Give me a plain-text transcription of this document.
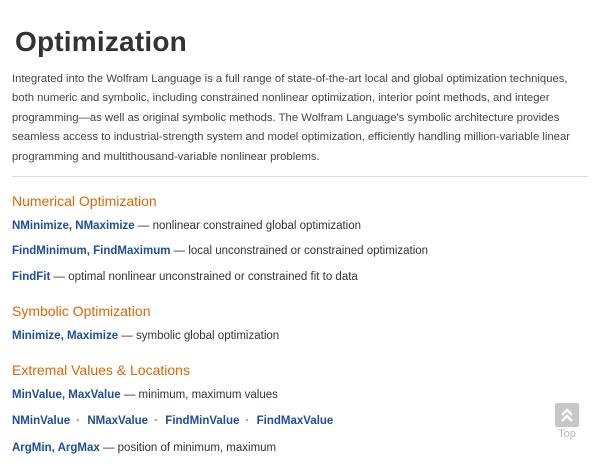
Optimization

Integrated into the Wolfram Language is a full range of state-of-the-art local and global optimization techniques, both numeric and symbolic, including constrained nonlinear optimization, interior point methods, and integer programming—as well as original symbolic methods. The Wolfram Language's symbolic architecture provides seamless access to industrial-strength system and model optimization, efficiently handling million-variable linear programming and multithousand-variable nonlinear problems.

Numerical Optimization
NMinimize, NMaximize — nonlinear constrained global optimization
FindMinimum, FindMaximum — local unconstrained or constrained optimization
FindFit — optimal nonlinear unconstrained or constrained fit to data
Symbolic Optimization
Minimize, Maximize — symbolic global optimization
Extremal Values & Locations
MinValue, MaxValue — minimum, maximum values
NMinValue ▪ NMaxValue ▪ FindMinValue ▪ FindMaxValue
ArgMin, ArgMax — position of minimum, maximum
Top
